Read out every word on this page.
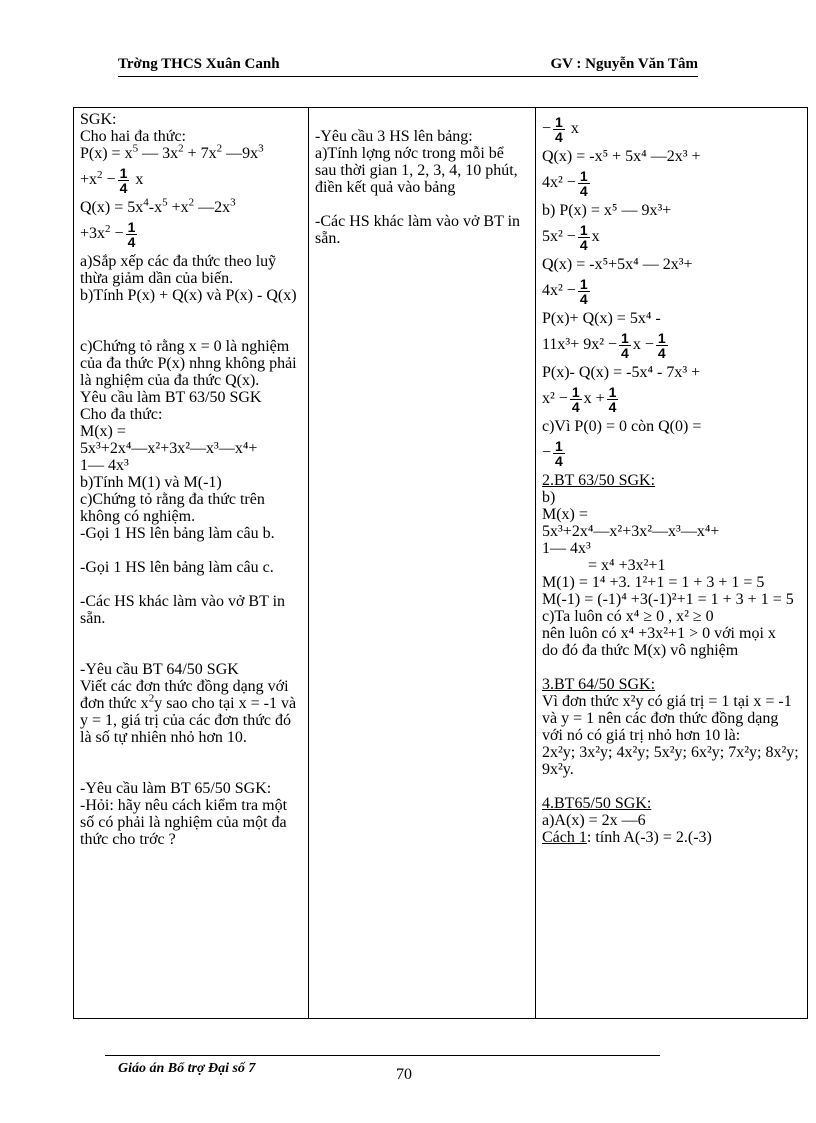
Trờng THCS Xuân Canh	GV : Nguyễn Văn Tâm
SGK:
Cho hai đa thức:
$P(x) = x^5$ — $3x^2 + 7x^2$ $—9x^3$
$+x^2 - \frac{1}{4}$ x
$Q(x) = 5x^4-x^5 +x^2$ $—2x^3$
$+3x^2 - \frac{1}{4}$
a)Sắp xếp các đa thức theo luỹ thừa giảm dần của biến.
b)Tính P(x) + Q(x) và P(x) - Q(x)
c)Chứng tỏ rằng x = 0 là nghiệm của đa thức P(x) nhng không phải là nghiệm của đa thức Q(x).
Yêu cầu làm BT 63/50 SGK
Cho đa thức:
M(x) =
5x³+2x⁴—x²+3x²—x³—x⁴+
1— 4x³
b)Tính M(1) và M(-1)
c)Chứng tỏ rằng đa thức trên không có nghiệm.
-Gọi 1 HS lên bảng làm câu b.
-Gọi 1 HS lên bảng làm câu c.
-Các HS khác làm vào vở BT in sẵn.
-Yêu cầu BT 64/50 SGK
Viết các đơn thức đồng dạng với đơn thức $x^2y$ sao cho tại x = -1 và y = 1, giá trị của các đơn thức đó là số tự nhiên nhỏ hơn 10.
-Yêu cầu làm BT 65/50 SGK:
-Hỏi: hãy nêu cách kiểm tra một số có phải là nghiệm của một đa thức cho trớc ?

-Yêu cầu 3 HS lên bảng:
a)Tính lợng nớc trong mỗi bể sau thời gian 1, 2, 3, 4, 10 phút, điền kết quả vào bảng
-Các HS khác làm vào vở BT in sẵn.

− $\frac{1}{4}$ x
Q(x) = -x⁵ + 5x⁴ —2x³ +
$4x^2 - \frac{1}{4}$
b) P(x) = x⁵ — 9x³+
$5x^2 - \frac{1}{4}$ x
Q(x) = -x⁵+5x⁴ — 2x³+
$4x^2 - \frac{1}{4}$
P(x)+ Q(x) = 5x⁴ -
$11x^3+ 9x^2 - \frac{1}{4}$ $x - \frac{1}{4}$
P(x)- Q(x) = -5x⁴ - 7x³ +
$x^2 - \frac{1}{4}$ $x + \frac{1}{4}$
c)Vì P(0) = 0 còn Q(0) =
− $\frac{1}{4}$
2.BT 63/50 SGK:
b)
M(x) =
5x³+2x⁴—x²+3x²—x³—x⁴+
1— 4x³
= x⁴ +3x²+1
M(1) = 1⁴ +3. 1²+1 = 1 + 3 + 1 = 5
M(-1) = (-1)⁴ +3(-1)²+1 = 1 + 3 + 1 = 5
c)Ta luôn có x⁴ ≥ 0 , x² ≥ 0
nên luôn có x⁴ +3x²+1 > 0 với mọi x
do đó đa thức M(x) vô nghiệm
3.BT 64/50 SGK:
Vì đơn thức x²y có giá trị = 1 tại x = -1 và y = 1 nên các đơn thức đồng dạng với nó có giá trị nhỏ hơn 10 là:
2x²y; 3x²y; 4x²y; 5x²y; 6x²y; 7x²y; 8x²y; 9x²y.
4.BT65/50 SGK:
a)A(x) = 2x —6
Cách 1: tính A(-3) = 2.(-3)
Giáo án Bổ trợ Đại số 7	70
